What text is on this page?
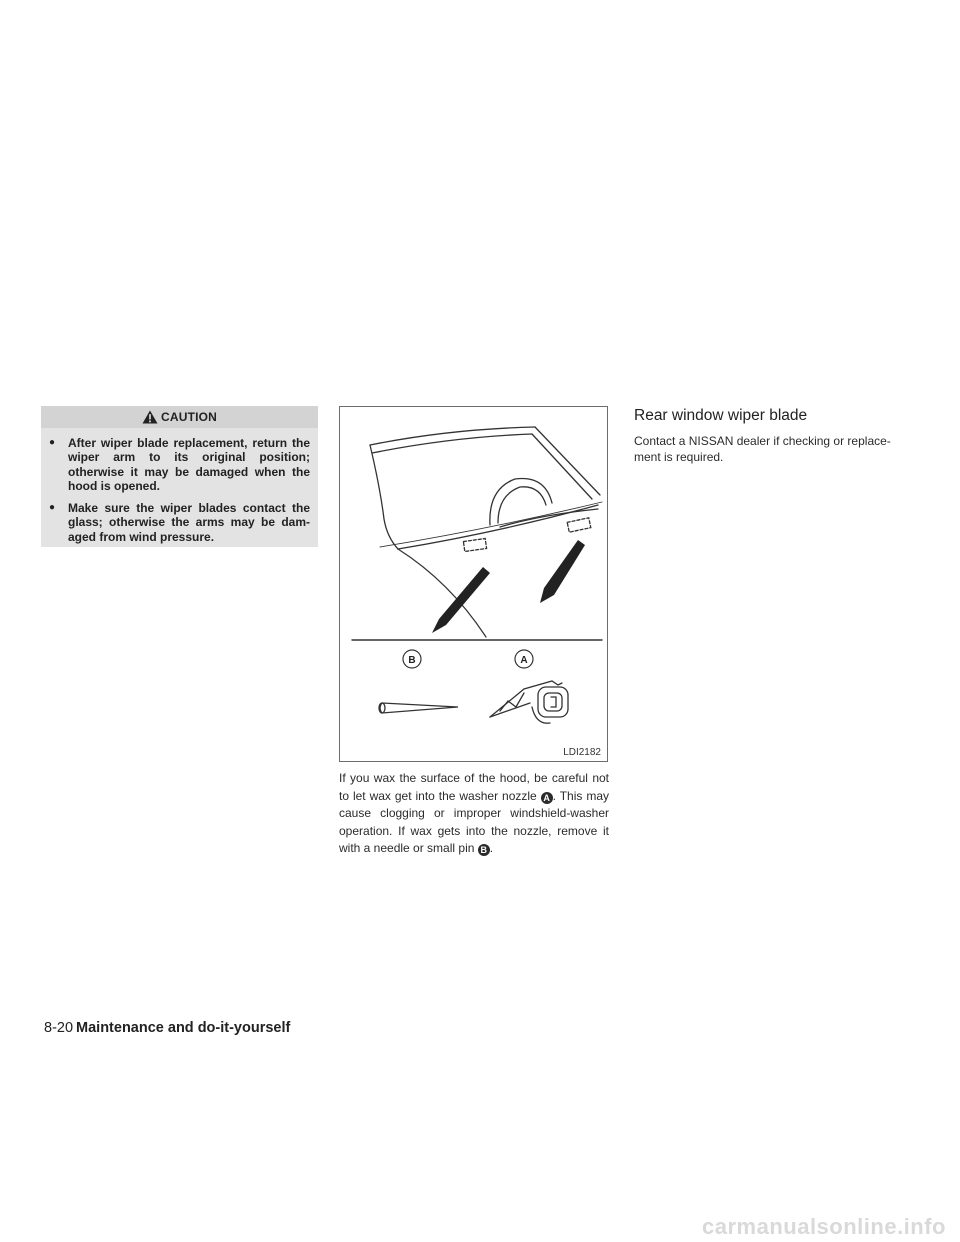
CAUTION
● After wiper blade replacement, return the wiper arm to its original position; otherwise it may be damaged when the hood is opened.
● Make sure the wiper blades contact the glass; otherwise the arms may be dam-aged from wind pressure.
B	A
LDI2182

If you wax the surface of the hood, be careful not to let wax get into the washer nozzle A . This may cause clogging or improper windshield-washer operation. If wax gets into the nozzle, remove it with a needle or small pin B .

Rear window wiper blade

Contact a NISSAN dealer if checking or replace-ment is required.

8-20 Maintenance and do-it-yourself
carmanualsonline.info
